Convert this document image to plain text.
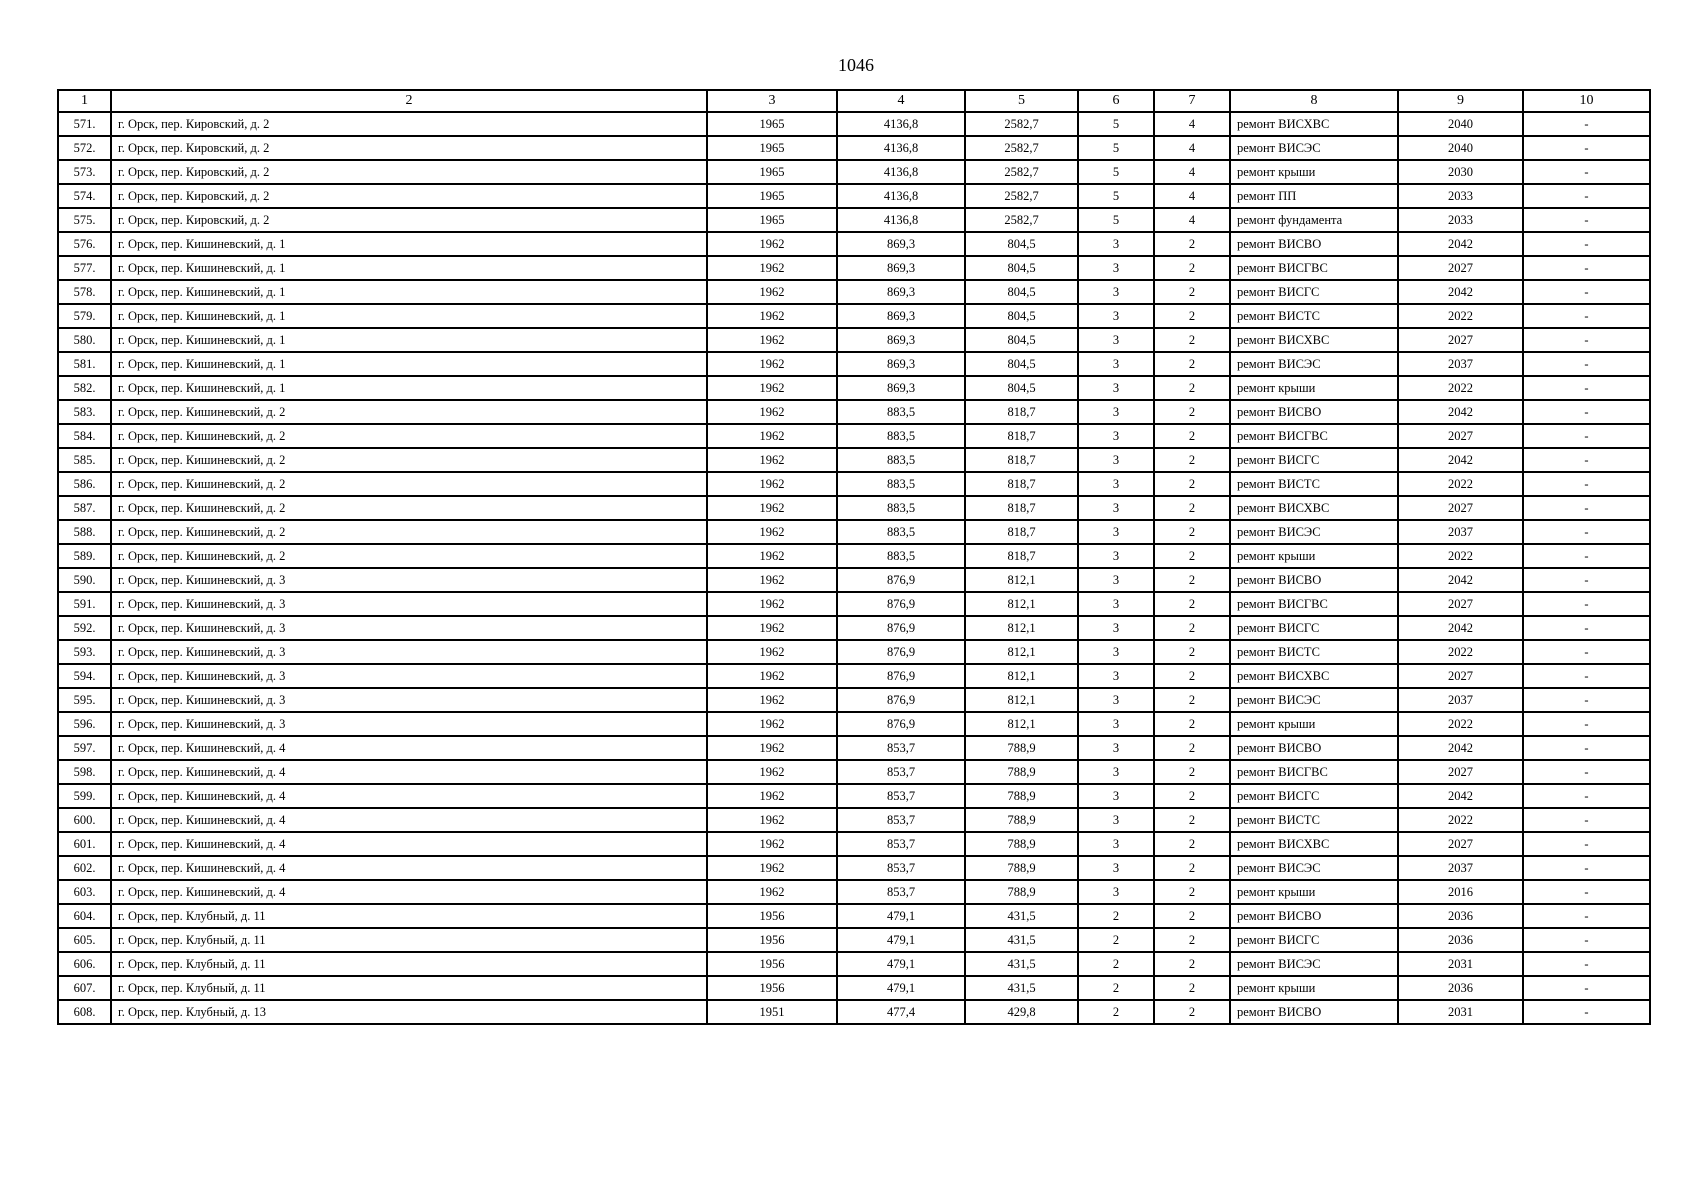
1046
1	2	3	4	5	6	7	8	9	10
571.	г. Орск, пер. Кировский, д. 2	1965	4136,8	2582,7	5	4	ремонт ВИСХВС	2040	-
572.	г. Орск, пер. Кировский, д. 2	1965	4136,8	2582,7	5	4	ремонт ВИСЭС	2040	-
573.	г. Орск, пер. Кировский, д. 2	1965	4136,8	2582,7	5	4	ремонт крыши	2030	-
574.	г. Орск, пер. Кировский, д. 2	1965	4136,8	2582,7	5	4	ремонт ПП	2033	-
575.	г. Орск, пер. Кировский, д. 2	1965	4136,8	2582,7	5	4	ремонт фундамента	2033	-
576.	г. Орск, пер. Кишиневский, д. 1	1962	869,3	804,5	3	2	ремонт ВИСВО	2042	-
577.	г. Орск, пер. Кишиневский, д. 1	1962	869,3	804,5	3	2	ремонт ВИСГВС	2027	-
578.	г. Орск, пер. Кишиневский, д. 1	1962	869,3	804,5	3	2	ремонт ВИСГС	2042	-
579.	г. Орск, пер. Кишиневский, д. 1	1962	869,3	804,5	3	2	ремонт ВИСТС	2022	-
580.	г. Орск, пер. Кишиневский, д. 1	1962	869,3	804,5	3	2	ремонт ВИСХВС	2027	-
581.	г. Орск, пер. Кишиневский, д. 1	1962	869,3	804,5	3	2	ремонт ВИСЭС	2037	-
582.	г. Орск, пер. Кишиневский, д. 1	1962	869,3	804,5	3	2	ремонт крыши	2022	-
583.	г. Орск, пер. Кишиневский, д. 2	1962	883,5	818,7	3	2	ремонт ВИСВО	2042	-
584.	г. Орск, пер. Кишиневский, д. 2	1962	883,5	818,7	3	2	ремонт ВИСГВС	2027	-
585.	г. Орск, пер. Кишиневский, д. 2	1962	883,5	818,7	3	2	ремонт ВИСГС	2042	-
586.	г. Орск, пер. Кишиневский, д. 2	1962	883,5	818,7	3	2	ремонт ВИСТС	2022	-
587.	г. Орск, пер. Кишиневский, д. 2	1962	883,5	818,7	3	2	ремонт ВИСХВС	2027	-
588.	г. Орск, пер. Кишиневский, д. 2	1962	883,5	818,7	3	2	ремонт ВИСЭС	2037	-
589.	г. Орск, пер. Кишиневский, д. 2	1962	883,5	818,7	3	2	ремонт крыши	2022	-
590.	г. Орск, пер. Кишиневский, д. 3	1962	876,9	812,1	3	2	ремонт ВИСВО	2042	-
591.	г. Орск, пер. Кишиневский, д. 3	1962	876,9	812,1	3	2	ремонт ВИСГВС	2027	-
592.	г. Орск, пер. Кишиневский, д. 3	1962	876,9	812,1	3	2	ремонт ВИСГС	2042	-
593.	г. Орск, пер. Кишиневский, д. 3	1962	876,9	812,1	3	2	ремонт ВИСТС	2022	-
594.	г. Орск, пер. Кишиневский, д. 3	1962	876,9	812,1	3	2	ремонт ВИСХВС	2027	-
595.	г. Орск, пер. Кишиневский, д. 3	1962	876,9	812,1	3	2	ремонт ВИСЭС	2037	-
596.	г. Орск, пер. Кишиневский, д. 3	1962	876,9	812,1	3	2	ремонт крыши	2022	-
597.	г. Орск, пер. Кишиневский, д. 4	1962	853,7	788,9	3	2	ремонт ВИСВО	2042	-
598.	г. Орск, пер. Кишиневский, д. 4	1962	853,7	788,9	3	2	ремонт ВИСГВС	2027	-
599.	г. Орск, пер. Кишиневский, д. 4	1962	853,7	788,9	3	2	ремонт ВИСГС	2042	-
600.	г. Орск, пер. Кишиневский, д. 4	1962	853,7	788,9	3	2	ремонт ВИСТС	2022	-
601.	г. Орск, пер. Кишиневский, д. 4	1962	853,7	788,9	3	2	ремонт ВИСХВС	2027	-
602.	г. Орск, пер. Кишиневский, д. 4	1962	853,7	788,9	3	2	ремонт ВИСЭС	2037	-
603.	г. Орск, пер. Кишиневский, д. 4	1962	853,7	788,9	3	2	ремонт крыши	2016	-
604.	г. Орск, пер. Клубный, д. 11	1956	479,1	431,5	2	2	ремонт ВИСВО	2036	-
605.	г. Орск, пер. Клубный, д. 11	1956	479,1	431,5	2	2	ремонт ВИСГС	2036	-
606.	г. Орск, пер. Клубный, д. 11	1956	479,1	431,5	2	2	ремонт ВИСЭС	2031	-
607.	г. Орск, пер. Клубный, д. 11	1956	479,1	431,5	2	2	ремонт крыши	2036	-
608.	г. Орск, пер. Клубный, д. 13	1951	477,4	429,8	2	2	ремонт ВИСВО	2031	-
